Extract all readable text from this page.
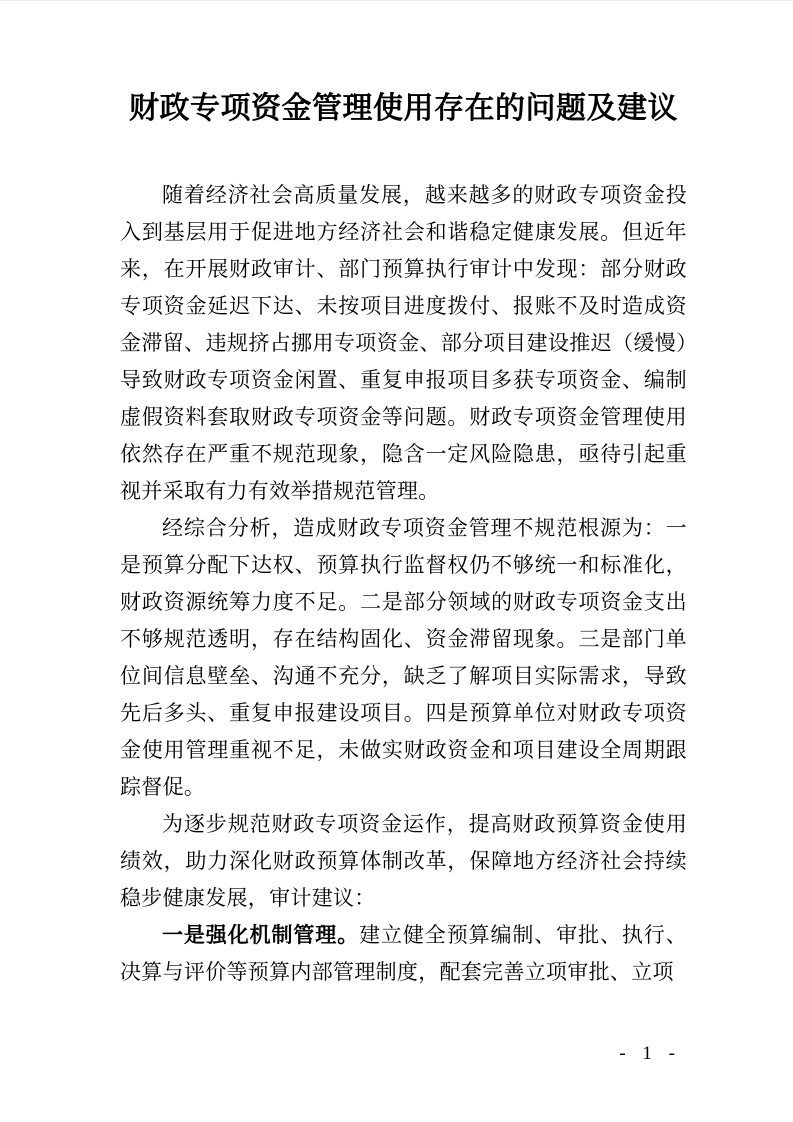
财政专项资金管理使用存在的问题及建议

随着经济社会高质量发展，越来越多的财政专项资金投入到基层用于促进地方经济社会和谐稳定健康发展。但近年来，在开展财政审计、部门预算执行审计中发现：部分财政专项资金延迟下达、未按项目进度拨付、报账不及时造成资金滞留、违规挤占挪用专项资金、部分项目建设推迟（缓慢）导致财政专项资金闲置、重复申报项目多获专项资金、编制虚假资料套取财政专项资金等问题。财政专项资金管理使用依然存在严重不规范现象，隐含一定风险隐患，亟待引起重视并采取有力有效举措规范管理。

经综合分析，造成财政专项资金管理不规范根源为：一是预算分配下达权、预算执行监督权仍不够统一和标准化，财政资源统筹力度不足。二是部分领域的财政专项资金支出不够规范透明，存在结构固化、资金滞留现象。三是部门单位间信息壁垒、沟通不充分，缺乏了解项目实际需求，导致先后多头、重复申报建设项目。四是预算单位对财政专项资金使用管理重视不足，未做实财政资金和项目建设全周期跟踪督促。

为逐步规范财政专项资金运作，提高财政预算资金使用绩效，助力深化财政预算体制改革，保障地方经济社会持续稳步健康发展，审计建议：

一是强化机制管理。建立健全预算编制、审批、执行、决算与评价等预算内部管理制度，配套完善立项审批、立项

- 1 -
